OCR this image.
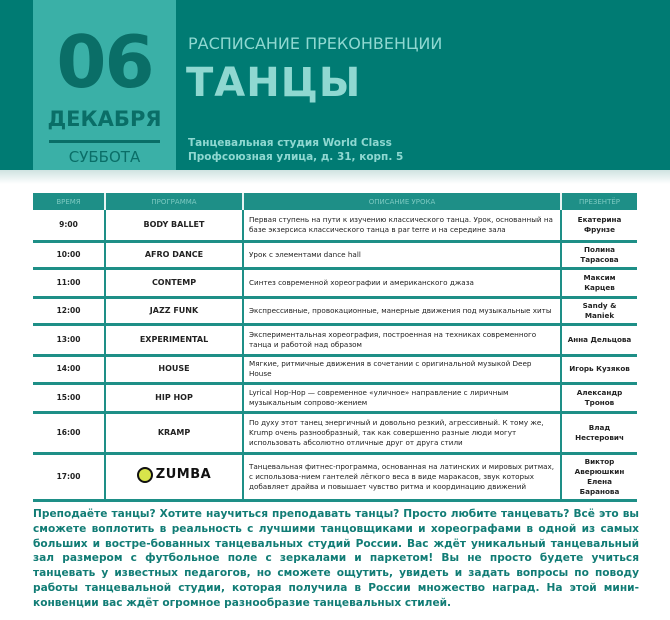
06
ДЕКАБРЯ
СУББОТА
РАСПИСАНИЕ ПРЕКОНВЕНЦИИ
ТАНЦЫ
Танцевальная студия World Class
Профсоюзная улица, д. 31, корп. 5
ВРЕМЯ	ПРОГРАММА	ОПИСАНИЕ УРОКА	ПРЕЗЕНТЁР
9:00	BODY BALLET	Первая ступень на пути к изучению классического танца. Урок, основанный на базе экзерсиса классического танца в par terre и на середине зала	Екатерина Фрунзе
10:00	AFRO DANCE	Урок с элементами dance hall	Полина Тарасова
11:00	CONTEMP	Синтез современной хореографии и американского джаза	Максим Карцев
12:00	JAZZ FUNK	Экспрессивные, провокационные, манерные движения под музыкальные хиты	Sandy & Maniek
13:00	EXPERIMENTAL	Экспериментальная хореография, построенная на техниках современного танца и работой над образом	Анна Дельцова
14:00	HOUSE	Мягкие, ритмичные движения в сочетании с оригинальной музыкой Deep House	Игорь Кузяков
15:00	HIP HOP	Lyrical Hop-Hop — современное «уличное» направление с лиричным музыкальным сопрово-жением	Александр Тронов
16:00	KRAMP	По духу этот танец энергичный и довольно резкий, агрессивный. К тому же, Krump очень разнообразный, так как совершенно разные люди могут использовать абсолютно отличные друг от друга стили	Влад Нестерович
17:00	ZUMBA	Танцевальная фитнес-программа, основанная на латинских и мировых ритмах, с использова-нием гантелей лёгкого веса в виде маракасов, звук которых добавляет драйва и повышает чувство ритма и координацию движений	Виктор Аверюшкин Елена Баранова
Преподаёте танцы? Хотите научиться преподавать танцы? Просто любите танцевать? Всё это вы сможете воплотить в реальность с лучшими танцовщиками и хореографами в одной из самых больших и востре-бованных танцевальных студий России. Вас ждёт уникальный танцевальный зал размером с футбольное поле с зеркалами и паркетом! Вы не просто будете учиться танцевать у известных педагогов, но сможете ощутить, увидеть и задать вопросы по поводу работы танцевальной студии, которая получила в России множество наград. На этой мини-конвенции вас ждёт огромное разнообразие танцевальных стилей.
